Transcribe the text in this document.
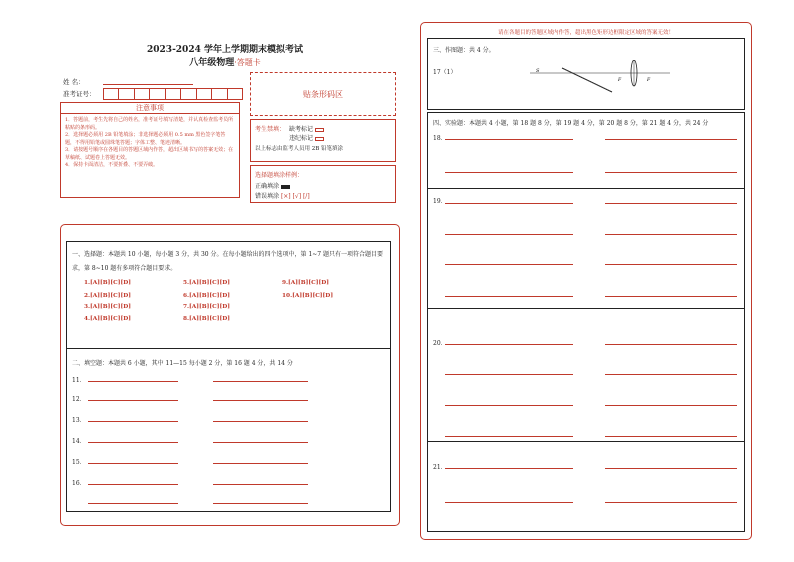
2023-2024 学年上学期期末模拟考试
八年级物理·答题卡
姓 名：
准考证号：
注意事项

1．答题前，考生先将自己的姓名，准考证号填写清楚，并认真检查监考员所粘贴的条形码。

2．选择题必须用 2B 铅笔填涂；非选择题必须用 0.5 mm 黑色签字笔答题，不得用铅笔或圆珠笔答题；字体工整、笔迹清晰。

3．请按题号顺序在各题目的答题区域内作答，超出区域书写的答案无效；在草稿纸、试题卷上答题无效。

4．保持卡面清洁，不要折叠、不要弄破。

贴条形码区
考生禁填： 缺考标记
违纪标记
以上标志由监考人员用 2B 铅笔填涂
选择题填涂样例：
正确填涂
错误填涂 [×] [√] [/]
一、选择题：本题共 10 小题，每小题 3 分，共 30 分。在每小题给出的四个选项中，第 1~7 题只有一项符合题目要求，第 8~10 题有多项符合题目要求。
1.[A][B][C][D]
2.[A][B][C][D]
3.[A][B][C][D]
4.[A][B][C][D]
5.[A][B][C][D]
6.[A][B][C][D]
7.[A][B][C][D]
8.[A][B][C][D]
9.[A][B][C][D]
10.[A][B][C][D]
二、填空题：本题共 6 小题，其中 11—15 每小题 2 分，第 16 题 4 分，共 14 分
11．
12．
13．
14．
15．
16．
请在各题目的答题区域内作答，超出黑色矩形边框限定区域的答案无效！
三、作图题：共 4 分。
17（1）	S
F	F
四、实验题：本题共 4 小题，第 18 题 8 分，第 19 题 4 分，第 20 题 8 分，第 21 题 4 分，共 24 分
18．
19．
20．
21．
